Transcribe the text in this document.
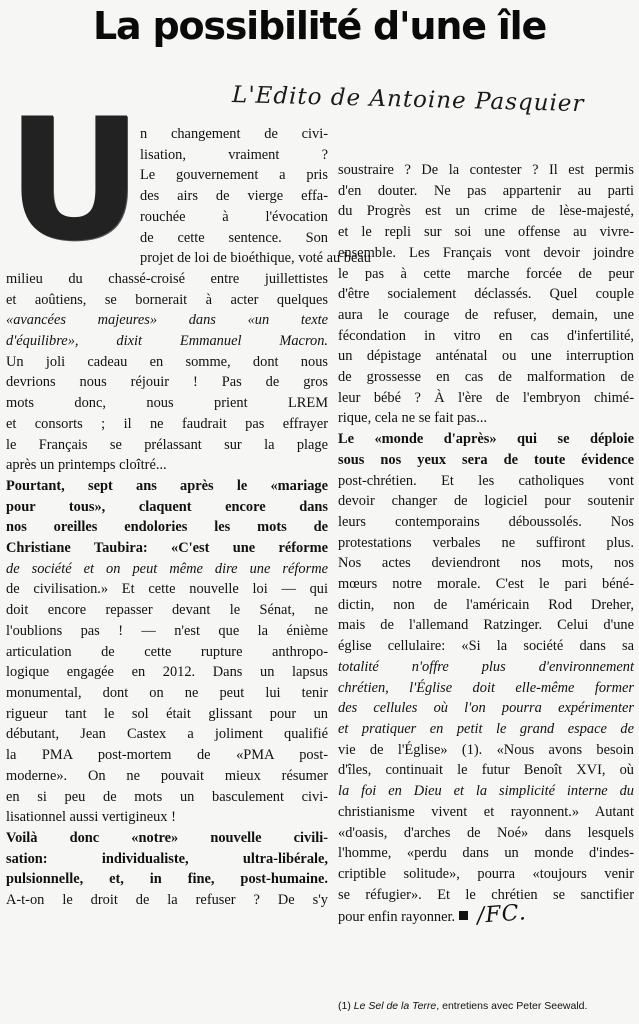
La possibilité d'une île
L'Edito de Antoine Pasquier
U

n changement de civi-
lisation, vraiment ?
Le gouvernement a pris
des airs de vierge effa-
rouchée à l'évocation
de cette sentence. Son
projet de loi de bioéthique, voté au beau
milieu du chassé-croisé entre juillettistes
et aoûtiens, se bornerait à acter quelques
«avancées majeures» dans «un texte
d'équilibre», dixit Emmanuel Macron.
Un joli cadeau en somme, dont nous
devrions nous réjouir ! Pas de gros
mots donc, nous prient LREM
et consorts ; il ne faudrait pas effrayer
le Français se prélassant sur la plage
après un printemps cloîtré...
Pourtant, sept ans après le «mariage
pour tous», claquent encore dans
nos oreilles endolories les mots de
Christiane Taubira: «C'est une réforme
de société et on peut même dire une réforme
de civilisation.» Et cette nouvelle loi — qui
doit encore repasser devant le Sénat, ne
l'oublions pas ! — n'est que la énième
articulation de cette rupture anthropo-
logique engagée en 2012. Dans un lapsus
monumental, dont on ne peut lui tenir
rigueur tant le sol était glissant pour un
débutant, Jean Castex a joliment qualifié
la PMA post-mortem de «PMA post-
moderne». On ne pouvait mieux résumer
en si peu de mots un basculement civi-
lisationnel aussi vertigineux !
Voilà donc «notre» nouvelle civili-
sation: individualiste, ultra-libérale,
pulsionnelle, et, in fine, post-humaine.
A-t-on le droit de la refuser ? De s'y

soustraire ? De la contester ? Il est permis
d'en douter. Ne pas appartenir au parti
du Progrès est un crime de lèse-majesté,
et le repli sur soi une offense au vivre-
ensemble. Les Français vont devoir joindre
le pas à cette marche forcée de peur
d'être socialement déclassés. Quel couple
aura le courage de refuser, demain, une
fécondation in vitro en cas d'infertilité,
un dépistage anténatal ou une interruption
de grossesse en cas de malformation de
leur bébé ? À l'ère de l'embryon chimé-
rique, cela ne se fait pas...
Le «monde d'après» qui se déploie
sous nos yeux sera de toute évidence
post-chrétien. Et les catholiques vont
devoir changer de logiciel pour soutenir
leurs contemporains déboussolés. Nos
protestations verbales ne suffiront plus.
Nos actes deviendront nos mots, nos
mœurs notre morale. C'est le pari béné-
dictin, non de l'américain Rod Dreher,
mais de l'allemand Ratzinger. Celui d'une
église cellulaire: «Si la société dans sa
totalité n'offre plus d'environnement
chrétien, l'Église doit elle-même former
des cellules où l'on pourra expérimenter
et pratiquer en petit le grand espace de
vie de l'Église» (1). «Nous avons besoin
d'îles, continuait le futur Benoît XVI, où
la foi en Dieu et la simplicité interne du
christianisme vivent et rayonnent.» Autant
«d'oasis, d'arches de Noé» dans lesquels
l'homme, «perdu dans un monde d'indes-
criptible solitude», pourra «toujours venir
se réfugier». Et le chrétien se sanctifier
pour enfin rayonner. /FC.

(1) Le Sel de la Terre, entretiens avec Peter Seewald.
